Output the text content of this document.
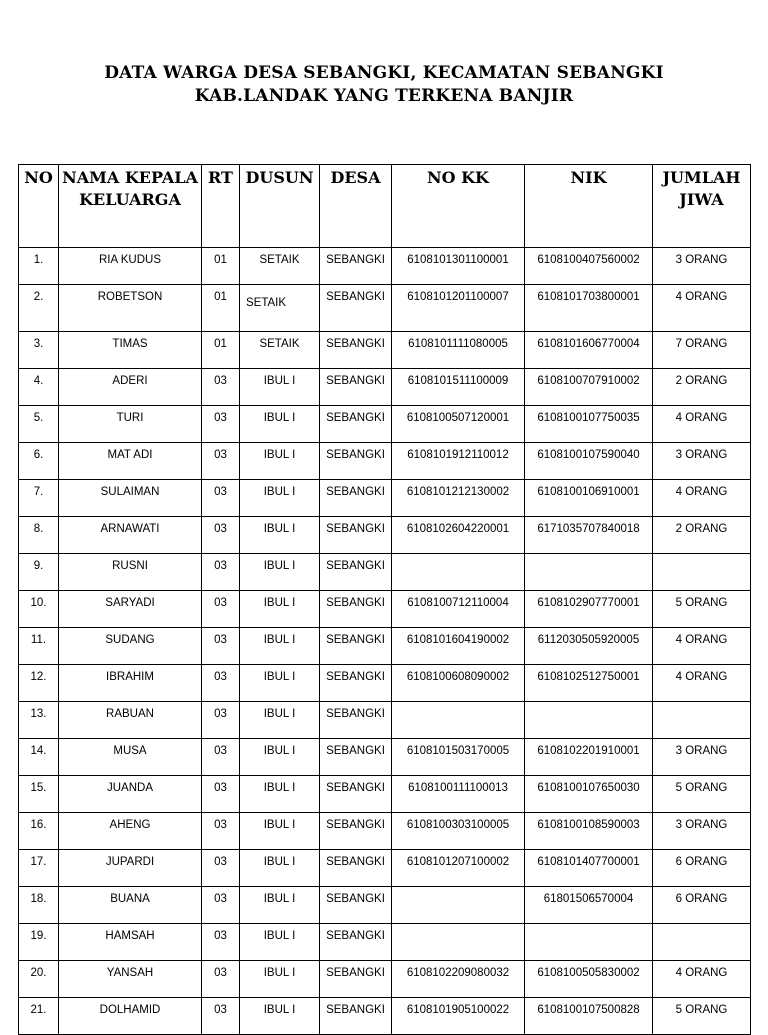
DATA WARGA DESA SEBANGKI, KECAMATAN SEBANGKI
KAB.LANDAK YANG TERKENA BANJIR
NO	NAMA KEPALA KELUARGA	RT	DUSUN	DESA	NO KK	NIK	JUMLAH JIWA
1.	RIA KUDUS	01	SETAIK	SEBANGKI	6108101301100001	6108100407560002	3 ORANG
2.	ROBETSON	01	SETAIK	SEBANGKI	6108101201100007	6108101703800001	4 ORANG
3.	TIMAS	01	SETAIK	SEBANGKI	6108101111080005	6108101606770004	7 ORANG
4.	ADERI	03	IBUL I	SEBANGKI	6108101511100009	6108100707910002	2 ORANG
5.	TURI	03	IBUL I	SEBANGKI	6108100507120001	6108100107750035	4 ORANG
6.	MAT ADI	03	IBUL I	SEBANGKI	6108101912110012	6108100107590040	3 ORANG
7.	SULAIMAN	03	IBUL I	SEBANGKI	6108101212130002	6108100106910001	4 ORANG
8.	ARNAWATI	03	IBUL I	SEBANGKI	6108102604220001	6171035707840018	2 ORANG
9.	RUSNI	03	IBUL I	SEBANGKI			
10.	SARYADI	03	IBUL I	SEBANGKI	6108100712110004	6108102907770001	5 ORANG
11.	SUDANG	03	IBUL I	SEBANGKI	6108101604190002	6112030505920005	4 ORANG
12.	IBRAHIM	03	IBUL I	SEBANGKI	6108100608090002	6108102512750001	4 ORANG
13.	RABUAN	03	IBUL I	SEBANGKI			
14.	MUSA	03	IBUL I	SEBANGKI	6108101503170005	6108102201910001	3 ORANG
15.	JUANDA	03	IBUL I	SEBANGKI	6108100111100013	6108100107650030	5 ORANG
16.	AHENG	03	IBUL I	SEBANGKI	6108100303100005	6108100108590003	3 ORANG
17.	JUPARDI	03	IBUL I	SEBANGKI	6108101207100002	6108101407700001	6 ORANG
18.	BUANA	03	IBUL I	SEBANGKI		61801506570004	6 ORANG
19.	HAMSAH	03	IBUL I	SEBANGKI			
20.	YANSAH	03	IBUL I	SEBANGKI	6108102209080032	6108100505830002	4 ORANG
21.	DOLHAMID	03	IBUL I	SEBANGKI	6108101905100022	6108100107500828	5 ORANG
